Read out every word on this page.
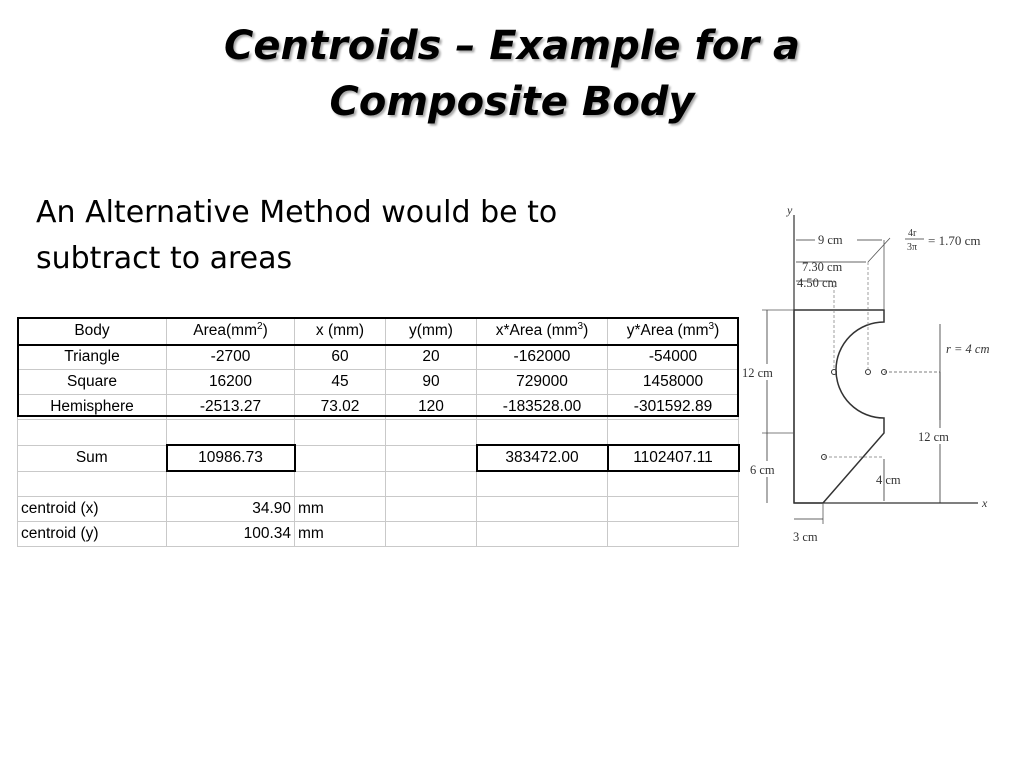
Centroids – Example for a
Composite Body
An Alternative Method would be to
subtract to areas
Body	$Area(mm^2)$	x (mm)	y(mm)	x*Area $(mm^3)$	y*Area $(mm^3)$
Triangle	-2700	60	20	-162000	-54000
Square	16200	45	90	729000	1458000
Hemisphere	-2513.27	73.02	120	-183528.00	-301592.89

Sum	10986.73			383472.00	1102407.11

centroid (x)	34.90	mm			
centroid (y)	100.34	mm			
y
x
9 cm
7.30 cm
4.50 cm
4r
3π = 1.70 cm
r = 4 cm
12 cm
6 cm
12 cm
4 cm
3 cm
